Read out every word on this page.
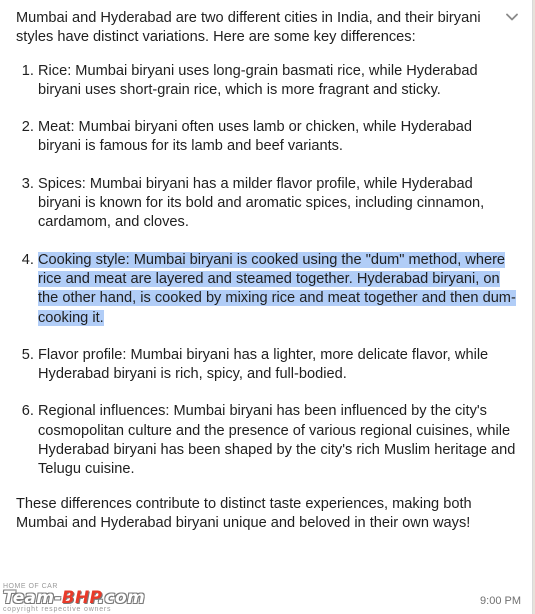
Mumbai and Hyderabad are two different cities in India, and their biryani styles have distinct variations. Here are some key differences:

1. Rice: Mumbai biryani uses long-grain basmati rice, while Hyderabad biryani uses short-grain rice, which is more fragrant and sticky.
2. Meat: Mumbai biryani often uses lamb or chicken, while Hyderabad biryani is famous for its lamb and beef variants.
3. Spices: Mumbai biryani has a milder flavor profile, while Hyderabad biryani is known for its bold and aromatic spices, including cinnamon, cardamom, and cloves.
4. Cooking style: Mumbai biryani is cooked using the "dum" method, where rice and meat are layered and steamed together. Hyderabad biryani, on the other hand, is cooked by mixing rice and meat together and then dum-cooking it.
5. Flavor profile: Mumbai biryani has a lighter, more delicate flavor, while Hyderabad biryani is rich, spicy, and full-bodied.
6. Regional influences: Mumbai biryani has been influenced by the city's cosmopolitan culture and the presence of various regional cuisines, while Hyderabad biryani has been shaped by the city's rich Muslim heritage and Telugu cuisine.

These differences contribute to distinct taste experiences, making both Mumbai and Hyderabad biryani unique and beloved in their own ways!

9:00 PM
HOME OF CAR
Team-BHP.com
copyright respective owners
